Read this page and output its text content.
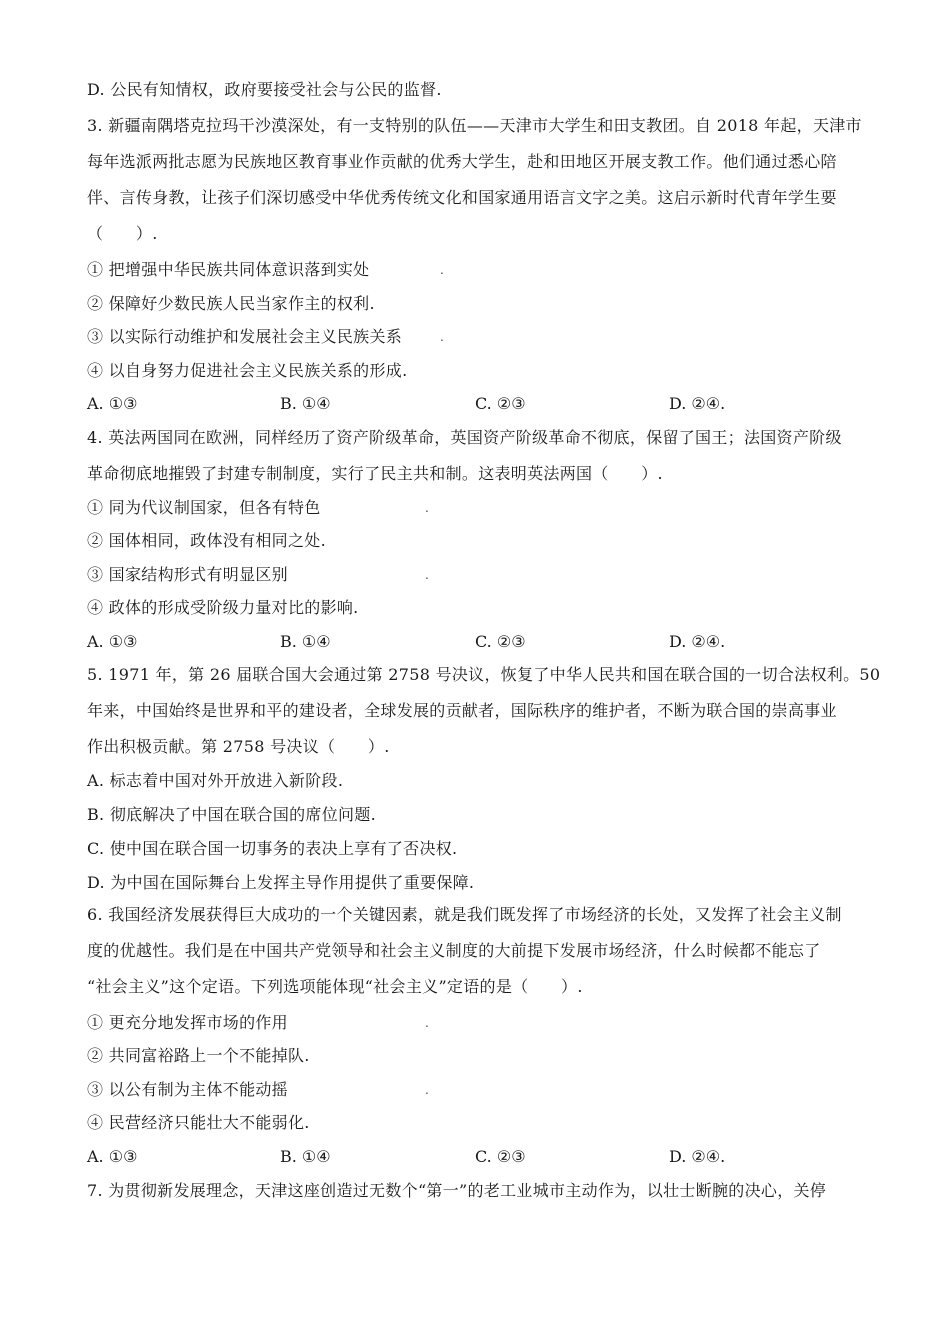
D. 公民有知情权，政府要接受社会与公民的监督.
3. 新疆南隅塔克拉玛干沙漠深处，有一支特别的队伍——天津市大学生和田支教团。自 2018 年起，天津市
每年选派两批志愿为民族地区教育事业作贡献的优秀大学生，赴和田地区开展支教工作。他们通过悉心陪
伴、言传身教，让孩子们深切感受中华优秀传统文化和国家通用语言文字之美。这启示新时代青年学生要
（　　）.
① 把增强中华民族共同体意识落到实处	.
② 保障好少数民族人民当家作主的权利.
③ 以实际行动维护和发展社会主义民族关系	.
④ 以自身努力促进社会主义民族关系的形成.
A. ①③	B. ①④	C. ②③	D. ②④.
4. 英法两国同在欧洲，同样经历了资产阶级革命，英国资产阶级革命不彻底，保留了国王；法国资产阶级
革命彻底地摧毁了封建专制制度，实行了民主共和制。这表明英法两国（　　）.
① 同为代议制国家，但各有特色	.
② 国体相同，政体没有相同之处.
③ 国家结构形式有明显区别	.
④ 政体的形成受阶级力量对比的影响.
A. ①③	B. ①④	C. ②③	D. ②④.
5. 1971 年，第 26 届联合国大会通过第 2758 号决议，恢复了中华人民共和国在联合国的一切合法权利。50
年来，中国始终是世界和平的建设者，全球发展的贡献者，国际秩序的维护者，不断为联合国的崇高事业
作出积极贡献。第 2758 号决议（　　）.
A. 标志着中国对外开放进入新阶段.
B. 彻底解决了中国在联合国的席位问题.
C. 使中国在联合国一切事务的表决上享有了否决权.
D. 为中国在国际舞台上发挥主导作用提供了重要保障.
6. 我国经济发展获得巨大成功的一个关键因素，就是我们既发挥了市场经济的长处，又发挥了社会主义制
度的优越性。我们是在中国共产党领导和社会主义制度的大前提下发展市场经济，什么时候都不能忘了
“社会主义”这个定语。下列选项能体现“社会主义”定语的是（　　）.
① 更充分地发挥市场的作用	.
② 共同富裕路上一个不能掉队.
③ 以公有制为主体不能动摇	.
④ 民营经济只能壮大不能弱化.
A. ①③	B. ①④	C. ②③	D. ②④.
7. 为贯彻新发展理念，天津这座创造过无数个“第一”的老工业城市主动作为，以壮士断腕的决心，关停
